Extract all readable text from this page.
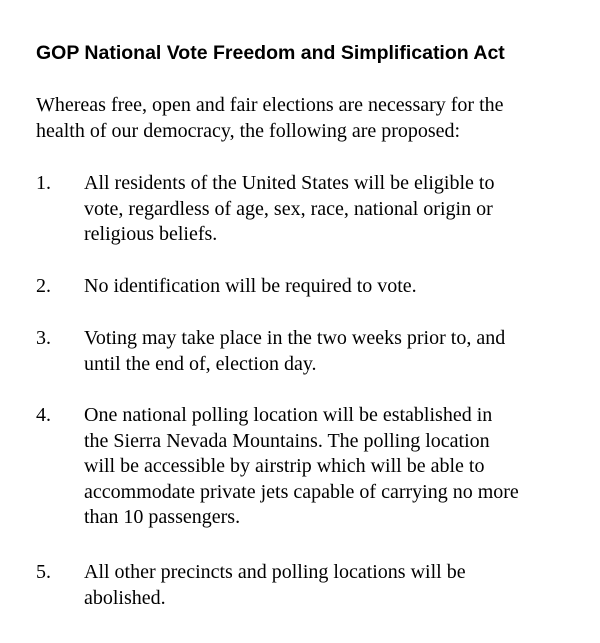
GOP National Vote Freedom and Simplification Act
Whereas free, open and fair elections are necessary for the
health of our democracy, the following are proposed:
1.	All residents of the United States will be eligible to
vote, regardless of age, sex, race, national origin or
religious beliefs.
2.	No identification will be required to vote.
3.	Voting may take place in the two weeks prior to, and
until the end of, election day.
4.	One national polling location will be established in
the Sierra Nevada Mountains. The polling location
will be accessible by airstrip which will be able to
accommodate private jets capable of carrying no more
than 10 passengers.
5.	All other precincts and polling locations will be
abolished.
